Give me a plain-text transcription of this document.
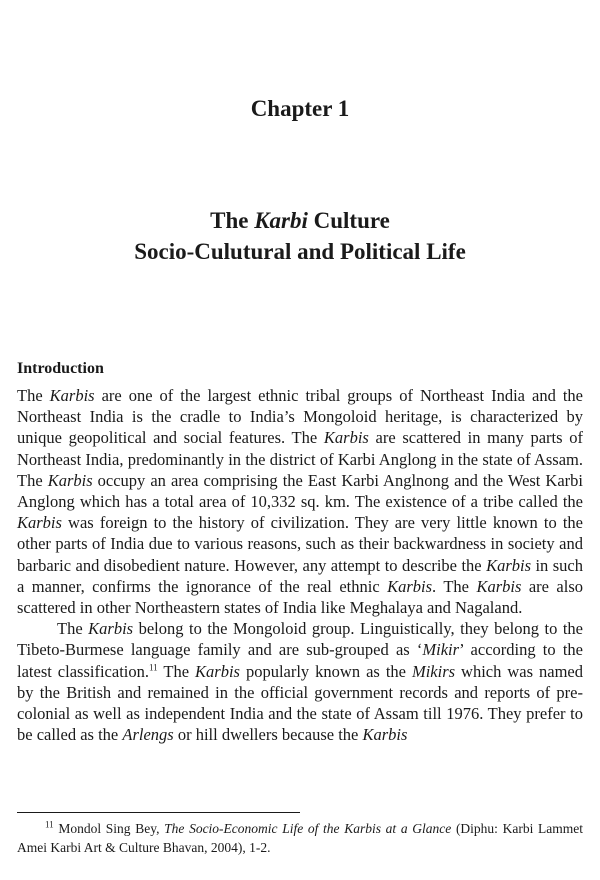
Chapter 1
The Karbi Culture
Socio-Culutural and Political Life
Introduction

The Karbis are one of the largest ethnic tribal groups of Northeast India and the Northeast India is the cradle to India’s Mongoloid heritage, is characterized by unique geopolitical and social features. The Karbis are scattered in many parts of Northeast India, predominantly in the district of Karbi Anglong in the state of Assam. The Karbis occupy an area comprising the East Karbi Anglnong and the West Karbi Anglong which has a total area of 10,332 sq. km. The existence of a tribe called the Karbis was foreign to the history of civilization. They are very little known to the other parts of India due to various reasons, such as their backwardness in society and barbaric and disobedient nature. However, any attempt to describe the Karbis in such a manner, confirms the ignorance of the real ethnic Karbis. The Karbis are also scattered in other Northeastern states of India like Meghalaya and Nagaland.

The Karbis belong to the Mongoloid group. Linguistically, they belong to the Tibeto-Burmese language family and are sub-grouped as ‘Mikir’ according to the latest classification.$^{11}$ The Karbis popularly known as the Mikirs which was named by the British and remained in the official government records and reports of pre-colonial as well as independent India and the state of Assam till 1976. They prefer to be called as the Arlengs or hill dwellers because the Karbis

$^{11}$ Mondol Sing Bey, The Socio-Economic Life of the Karbis at a Glance (Diphu: Karbi Lammet Amei Karbi Art & Culture Bhavan, 2004), 1-2.
